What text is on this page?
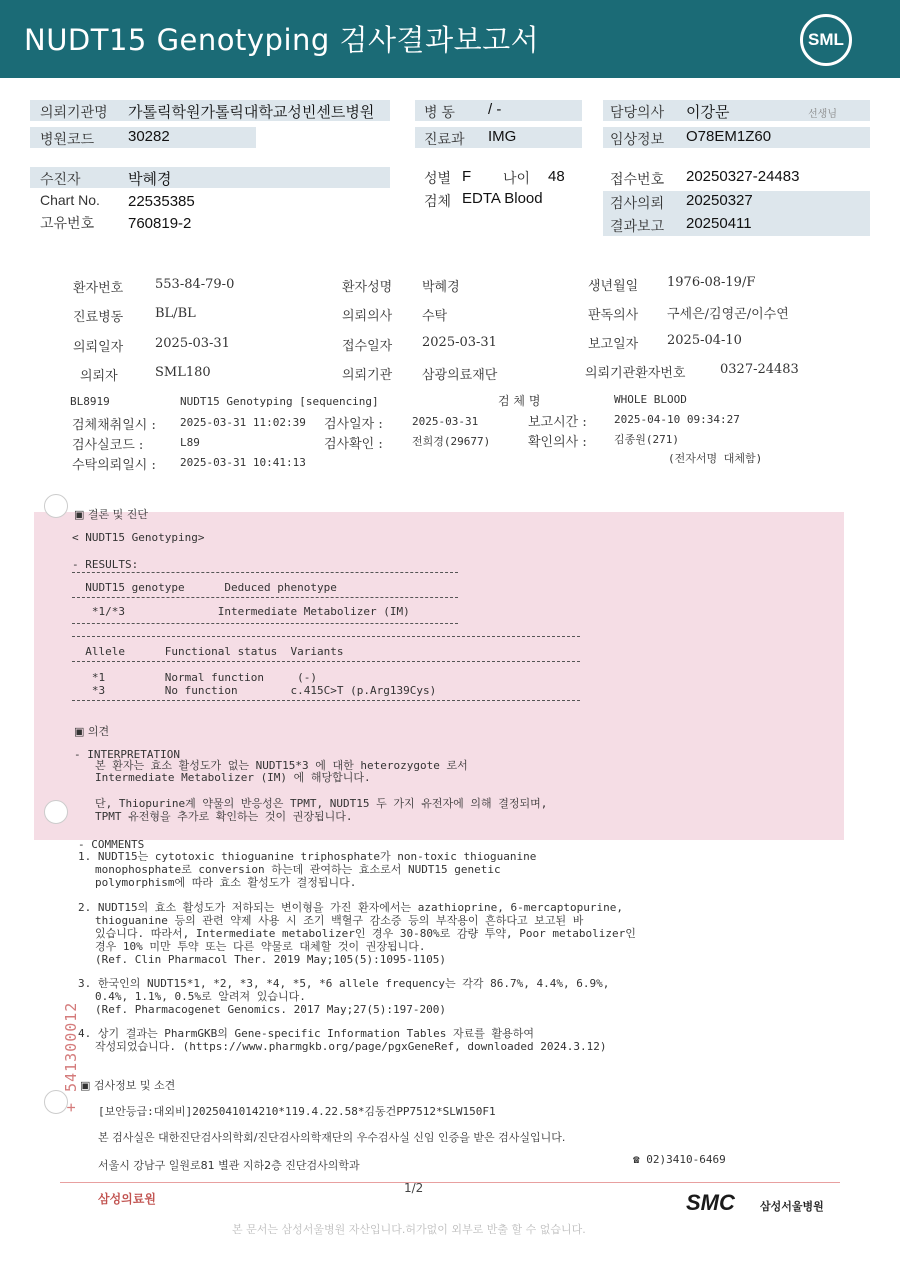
NUDT15 Genotyping 검사결과보고서	SML
의뢰기관명 가톨릭학원가톨릭대학교성빈센트병원
병원코드 30282
병 동 / -
진료과 IMG
담당의사 이강문	선생님
임상정보 O78EM1Z60
수진자	박혜경
Chart No. 22535385
고유번호 760819-2
성별 F 나이 48
검체 EDTA Blood
접수번호 20250327-24483
검사의뢰 20250327
결과보고 20250411
환자번호 553-84-79-0	환자성명 박혜경	생년월일 1976-08-19/F
진료병동 BL/BL	의뢰의사 수탁	판독의사 구세은/김영곤/이수연
의뢰일자 2025-03-31	접수일자 2025-03-31	보고일자 2025-04-10
의뢰자	SML180	의뢰기관 삼광의료재단	의뢰기관환자번호	0327-24483
BL8919	NUDT15 Genotyping [sequencing]	검 체 명	WHOLE BLOOD
검체채취일시 : 2025-03-31 11:02:39 검사일자 :	2025-03-31	보고시간 : 2025-04-10 09:34:27
검사실코드 :	L89	검사확인 :	전희경(29677)	확인의사 : 김종원(271)
수탁의뢰일시 : 2025-03-31 10:41:13	(전자서명 대체함)
▣ 결론 및 진단
< NUDT15 Genotyping>
- RESULTS:
NUDT15 genotype      Deduced phenotype
*1/*3              Intermediate Metabolizer (IM)
Allele      Functional status  Variants
*1         Normal function     (-)
*3         No function        c.415C>T (p.Arg139Cys)
▣ 의견
- INTERPRETATION
본 환자는 효소 활성도가 없는 NUDT15*3 에 대한 heterozygote 로서
Intermediate Metabolizer (IM) 에 해당합니다.
단, Thiopurine계 약물의 반응성은 TPMT, NUDT15 두 가지 유전자에 의해 결정되며,
TPMT 유전형을 추가로 확인하는 것이 권장됩니다.
- COMMENTS
1. NUDT15는 cytotoxic thioguanine triphosphate가 non-toxic thioguanine
monophosphate로 conversion 하는데 관여하는 효소로서 NUDT15 genetic
polymorphism에 따라 효소 활성도가 결정됩니다.
2. NUDT15의 효소 활성도가 저하되는 변이형을 가진 환자에서는 azathioprine, 6-mercaptopurine,
thioguanine 등의 관련 약제 사용 시 조기 백혈구 감소증 등의 부작용이 흔하다고 보고된 바
있습니다. 따라서, Intermediate metabolizer인 경우 30-80%로 감량 투약, Poor metabolizer인
경우 10% 미만 투약 또는 다른 약물로 대체할 것이 권장됩니다.
(Ref. Clin Pharmacol Ther. 2019 May;105(5):1095-1105)
3. 한국인의 NUDT15*1, *2, *3, *4, *5, *6 allele frequency는 각각 86.7%, 4.4%, 6.9%,
0.4%, 1.1%, 0.5%로 알려져 있습니다.
(Ref. Pharmacogenet Genomics. 2017 May;27(5):197-200)
4. 상기 결과는 PharmGKB의 Gene-specific Information Tables 자료를 활용하여
작성되었습니다. (https://www.pharmgkb.org/page/pgxGeneRef, downloaded 2024.3.12)
+ 541300012 ▣ 검사정보 및 소견
[보안등급:대외비]2025041014210*119.4.22.58*김동건PP7512*SLW150F1
본 검사실은 대한진단검사의학회/진단검사의학재단의 우수검사실 신임 인증을 받은 검사실입니다.
서울시 강남구 일원로81 별관 지하2층 진단검사의학과	☎ 02)3410-6469
삼성의료원
1/2
SMC 삼성서울병원
본 문서는 삼성서울병원 자산입니다.허가없이 외부로 반출 할 수 없습니다.
